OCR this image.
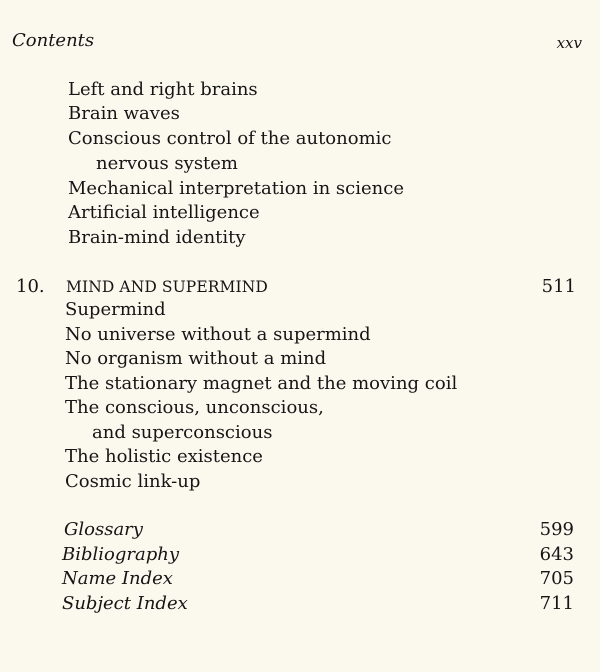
Contents	xxv
Left and right brains
Brain waves
Conscious control of the autonomic
nervous system
Mechanical interpretation in science
Artificial intelligence
Brain-mind identity
10. MIND AND SUPERMIND	511
Supermind
No universe without a supermind
No organism without a mind
The stationary magnet and the moving coil
The conscious, unconscious,
and superconscious
The holistic existence
Cosmic link-up
Glossary	599
Bibliography	643
Name Index	705
Subject Index	711
